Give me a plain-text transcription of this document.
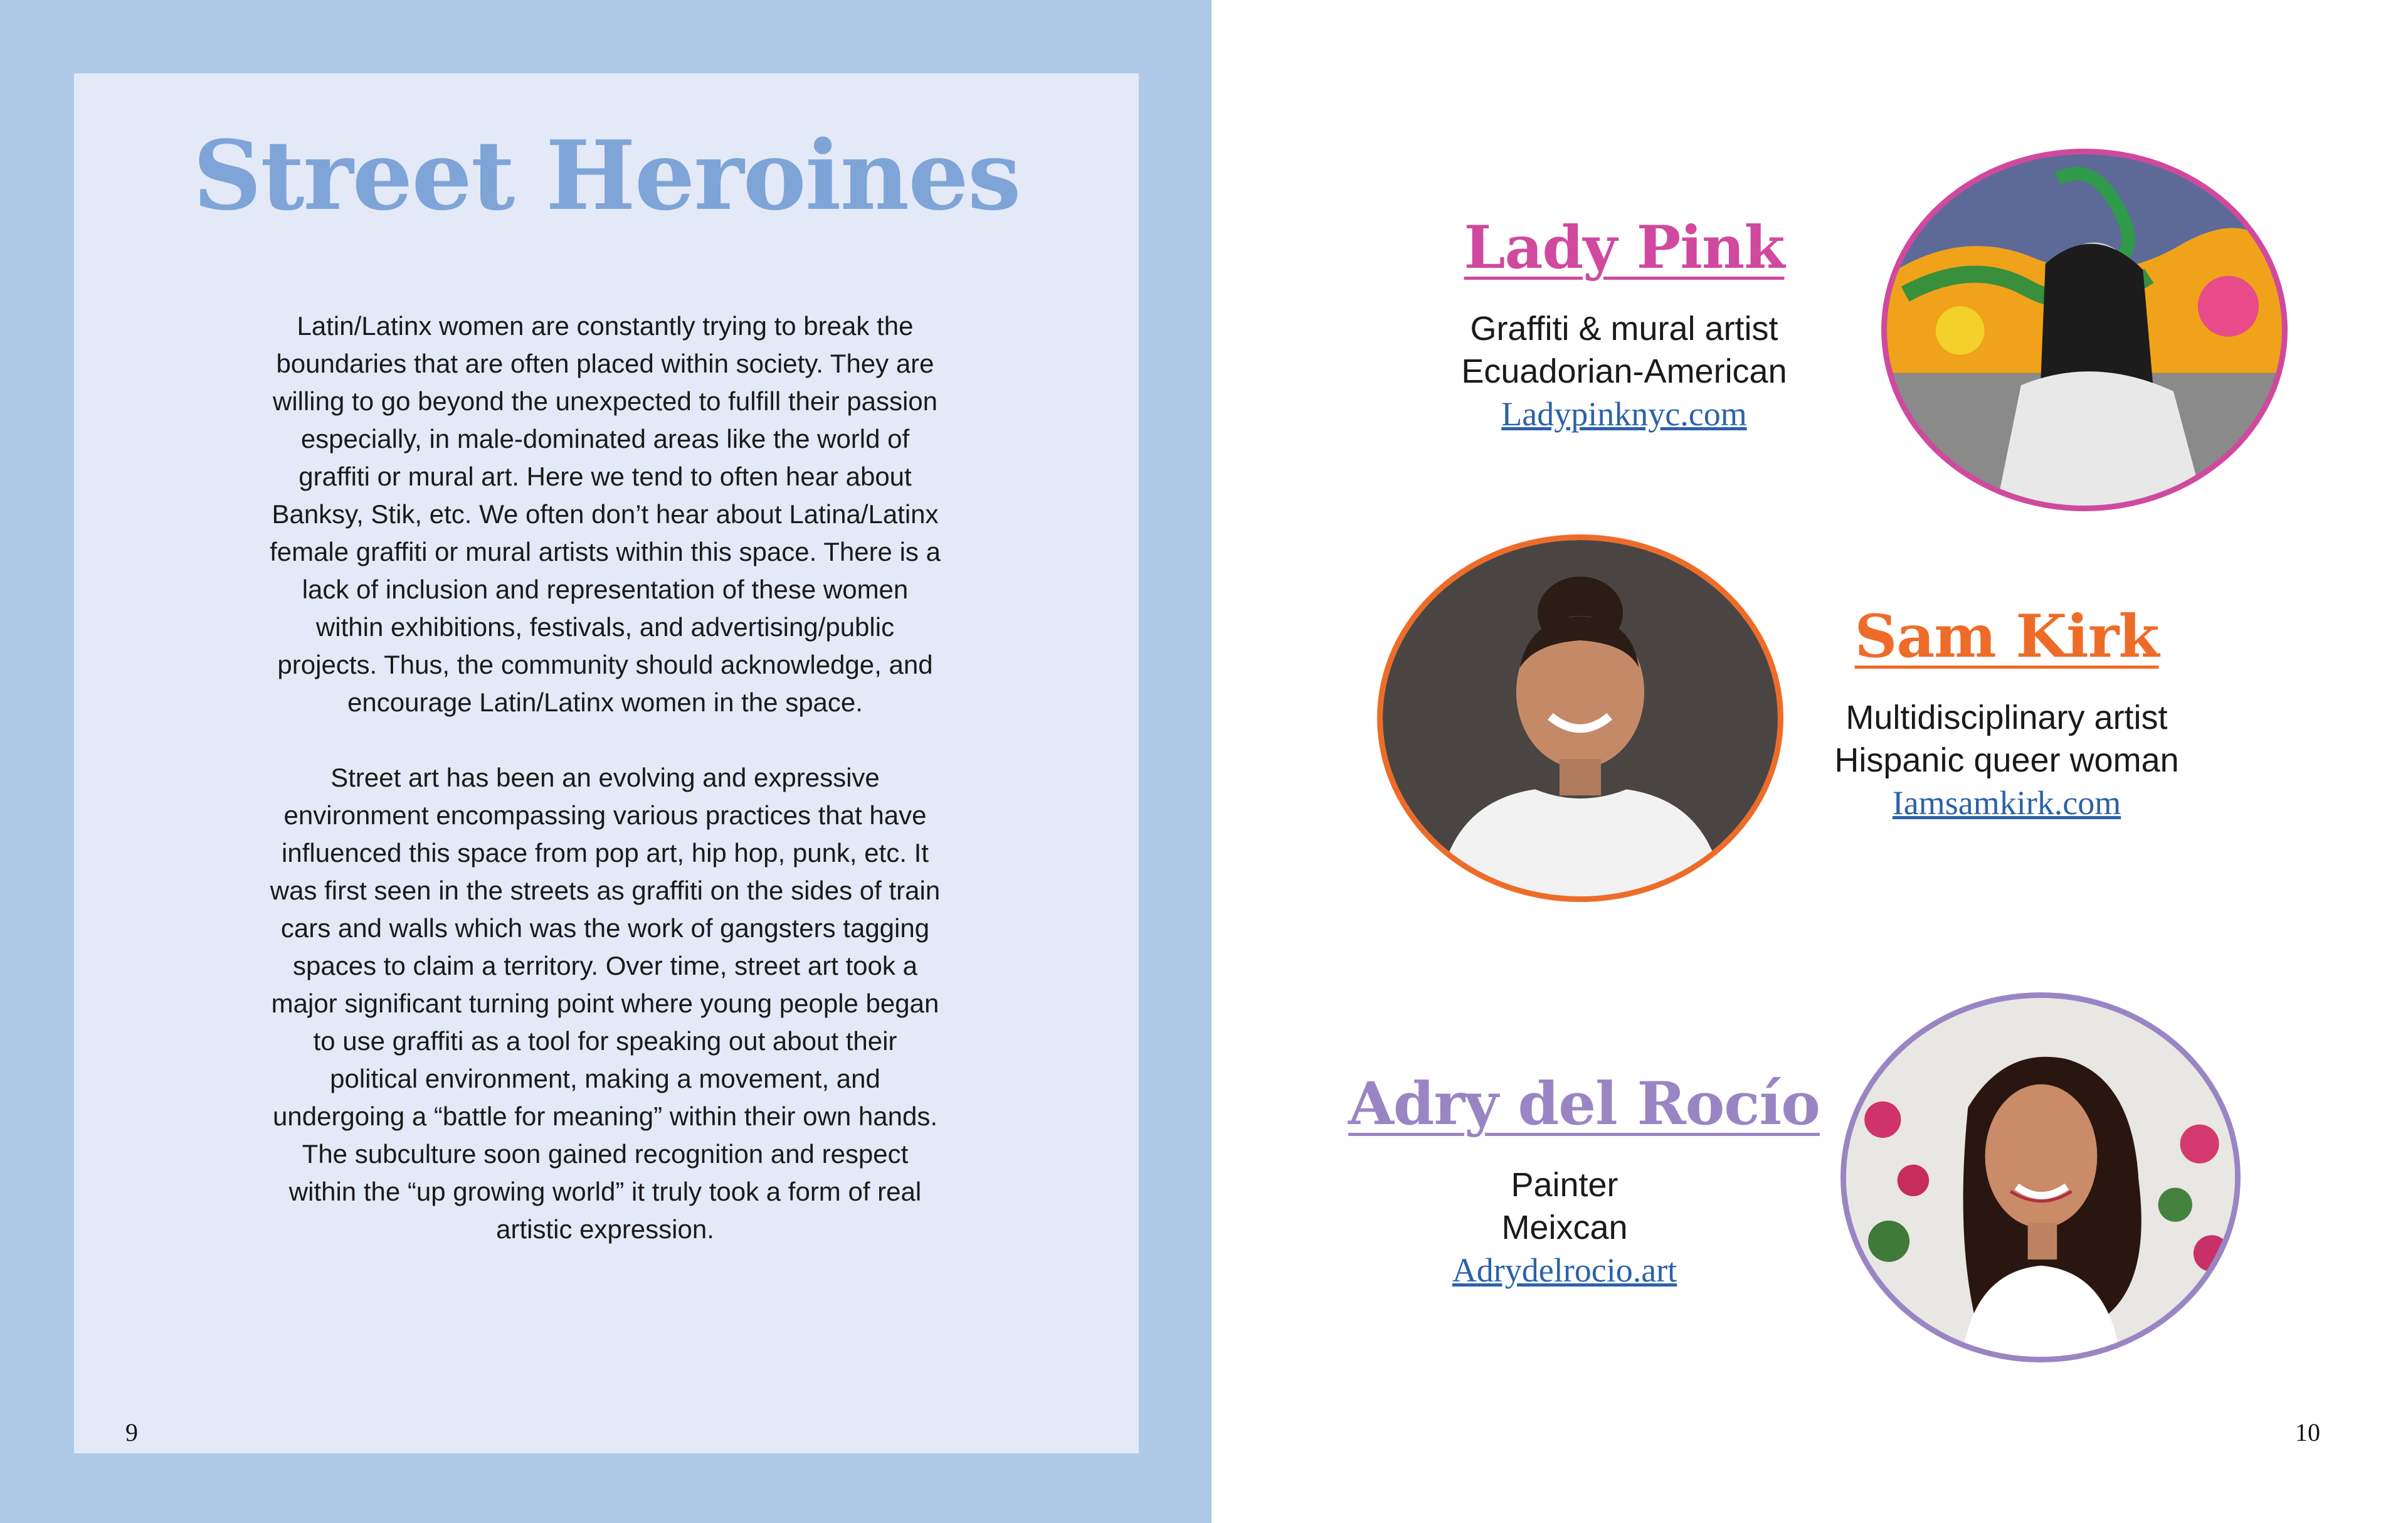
Street Heroines

Latin/Latinx women are constantly trying to break the boundaries that are often placed within society. They are willing to go beyond the unexpected to fulfill their passion especially, in male-dominated areas like the world of graffiti or mural art. Here we tend to often hear about Banksy, Stik, etc. We often don’t hear about Latina/Latinx female graffiti or mural artists within this space. There is a lack of inclusion and representation of these women within exhibitions, festivals, and advertising/public projects. Thus, the community should acknowledge, and encourage Latin/Latinx women in the space.

Street art has been an evolving and expressive environment encompassing various practices that have influenced this space from pop art, hip hop, punk, etc. It was first seen in the streets as graffiti on the sides of train cars and walls which was the work of gangsters tagging spaces to claim a territory. Over time, street art took a major significant turning point where young people began to use graffiti as a tool for speaking out about their political environment, making a movement, and undergoing a “battle for meaning” within their own hands. The subculture soon gained recognition and respect within the “up growing world” it truly took a form of real artistic expression.

9	10
Lady Pink
Graffiti & mural artist
Ecuadorian-American
Ladypinknyc.com
Sam Kirk
Multidisciplinary artist
Hispanic queer woman
Iamsamkirk.com
Adry del Rocío
Painter
Meixcan
Adrydelrocio.art
